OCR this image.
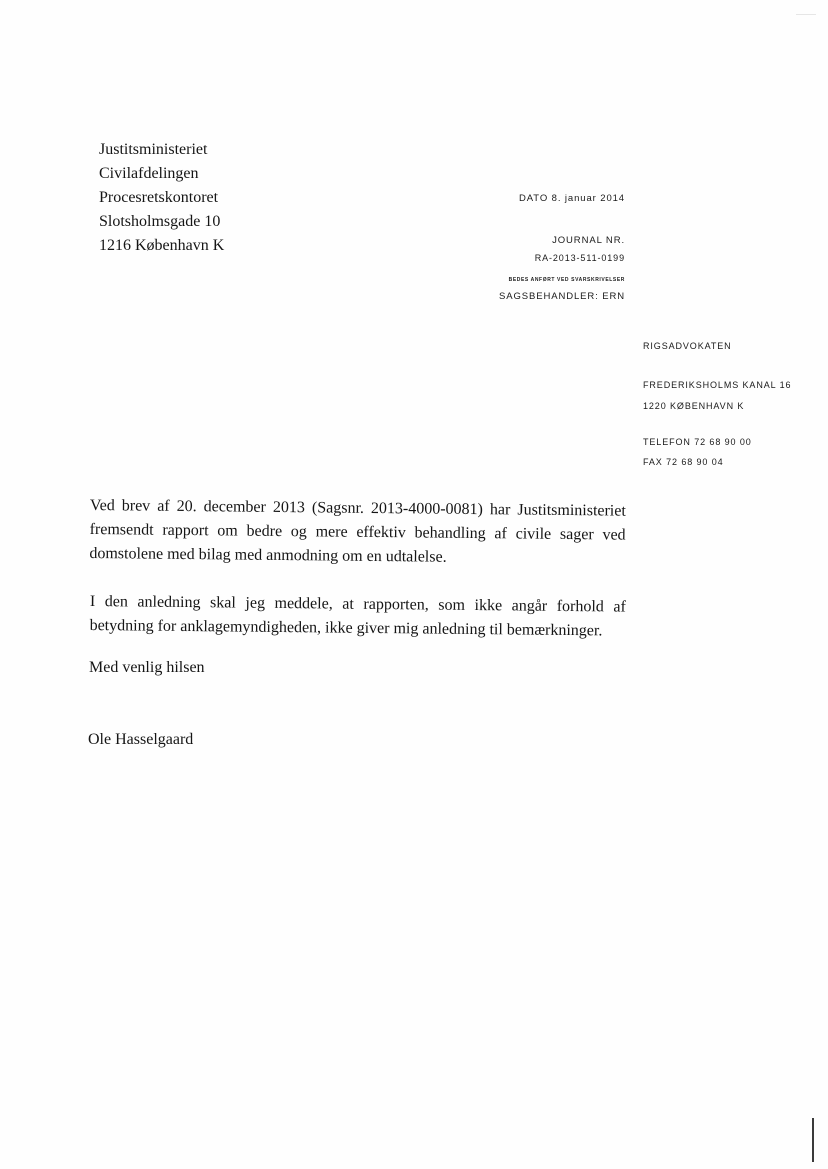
Justitsministeriet
Civilafdelingen
Procesretskontoret
Slotsholmsgade 10
1216 København K
DATO 8. januar 2014
JOURNAL NR.
RA-2013-511-0199
BEDES ANFØRT VED SVARSKRIVELSER
SAGSBEHANDLER: ERN
RIGSADVOKATEN
FREDERIKSHOLMS KANAL 16
1220 KØBENHAVN K
TELEFON 72 68 90 00
FAX 72 68 90 04
Ved brev af 20. december 2013 (Sagsnr. 2013-4000-0081) har Justitsministeriet fremsendt rapport om bedre og mere effektiv behandling af civile sager ved domstolene med bilag med anmodning om en udtalelse.
I den anledning skal jeg meddele, at rapporten, som ikke angår forhold af betydning for anklagemyndigheden, ikke giver mig anledning til bemærkninger.
Med venlig hilsen
Ole Hasselgaard
